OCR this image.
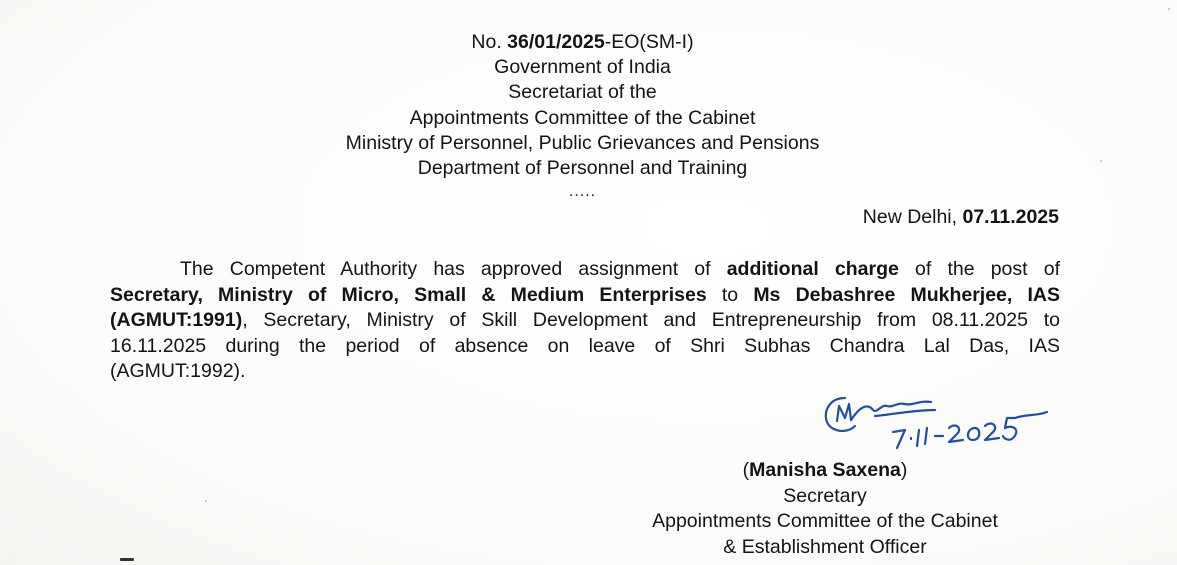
No. 36/01/2025-EO(SM-I)
Government of India
Secretariat of the
Appointments Committee of the Cabinet
Ministry of Personnel, Public Grievances and Pensions
Department of Personnel and Training
.....
New Delhi, 07.11.2025
The Competent Authority has approved assignment of additional charge of the post of
Secretary, Ministry of Micro, Small & Medium Enterprises to Ms Debashree Mukherjee, IAS
(AGMUT:1991), Secretary, Ministry of Skill Development and Entrepreneurship from 08.11.2025 to
16.11.2025 during the period of absence on leave of Shri Subhas Chandra Lal Das, IAS
(AGMUT:1992).
7-11-2025
(Manisha Saxena)
Secretary
Appointments Committee of the Cabinet
& Establishment Officer
